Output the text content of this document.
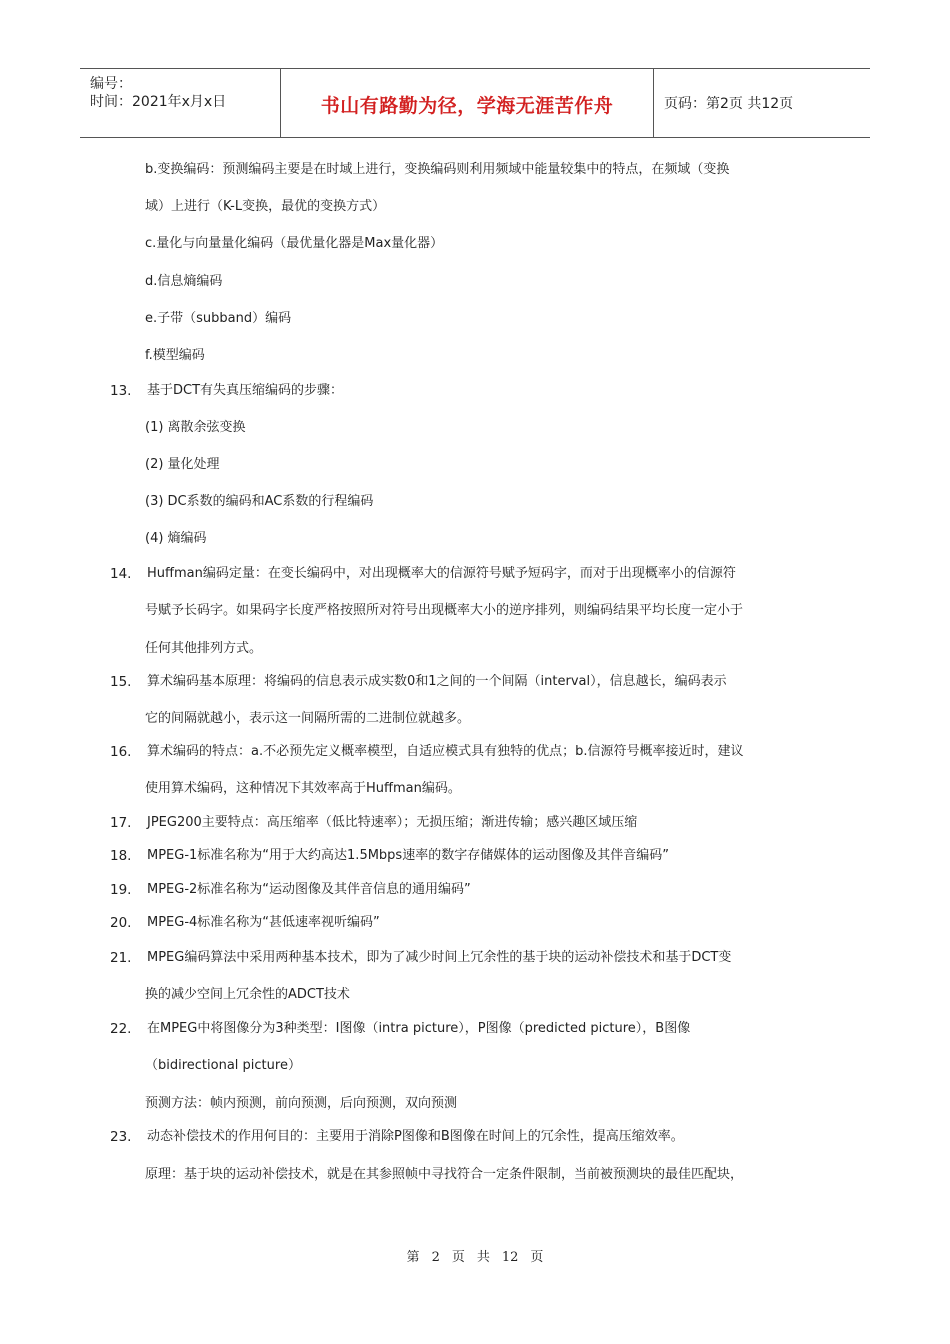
编号：
时间：2021年x月x日	书山有路勤为径，学海无涯苦作舟	页码：第2页 共12页
b.变换编码：预测编码主要是在时域上进行，变换编码则利用频域中能量较集中的特点，在频域（变换
域）上进行（K-L变换，最优的变换方式）
c.量化与向量量化编码（最优量化器是Max量化器）
d.信息熵编码
e.子带（subband）编码
f.模型编码
13. 基于DCT有失真压缩编码的步骤：
(1) 离散余弦变换
(2) 量化处理
(3) DC系数的编码和AC系数的行程编码
(4) 熵编码
14. Huffman编码定量：在变长编码中，对出现概率大的信源符号赋予短码字，而对于出现概率小的信源符
号赋予长码字。如果码字长度严格按照所对符号出现概率大小的逆序排列，则编码结果平均长度一定小于
任何其他排列方式。
15. 算术编码基本原理：将编码的信息表示成实数0和1之间的一个间隔（interval），信息越长，编码表示
它的间隔就越小，表示这一间隔所需的二进制位就越多。
16. 算术编码的特点：a.不必预先定义概率模型，自适应模式具有独特的优点；b.信源符号概率接近时，建议
使用算术编码，这种情况下其效率高于Huffman编码。
17. JPEG200主要特点：高压缩率（低比特速率）；无损压缩；渐进传输；感兴趣区域压缩
18. MPEG-1标准名称为“用于大约高达1.5Mbps速率的数字存储媒体的运动图像及其伴音编码”
19. MPEG-2标准名称为“运动图像及其伴音信息的通用编码”
20. MPEG-4标准名称为“甚低速率视听编码”
21. MPEG编码算法中采用两种基本技术，即为了减少时间上冗余性的基于块的运动补偿技术和基于DCT变
换的减少空间上冗余性的ADCT技术
22. 在MPEG中将图像分为3种类型：I图像（intra picture），P图像（predicted picture），B图像
（bidirectional picture）
预测方法：帧内预测，前向预测，后向预测，双向预测
23. 动态补偿技术的作用何目的：主要用于消除P图像和B图像在时间上的冗余性，提高压缩效率。
原理：基于块的运动补偿技术，就是在其参照帧中寻找符合一定条件限制，当前被预测块的最佳匹配块，
第 2 页 共 12 页
